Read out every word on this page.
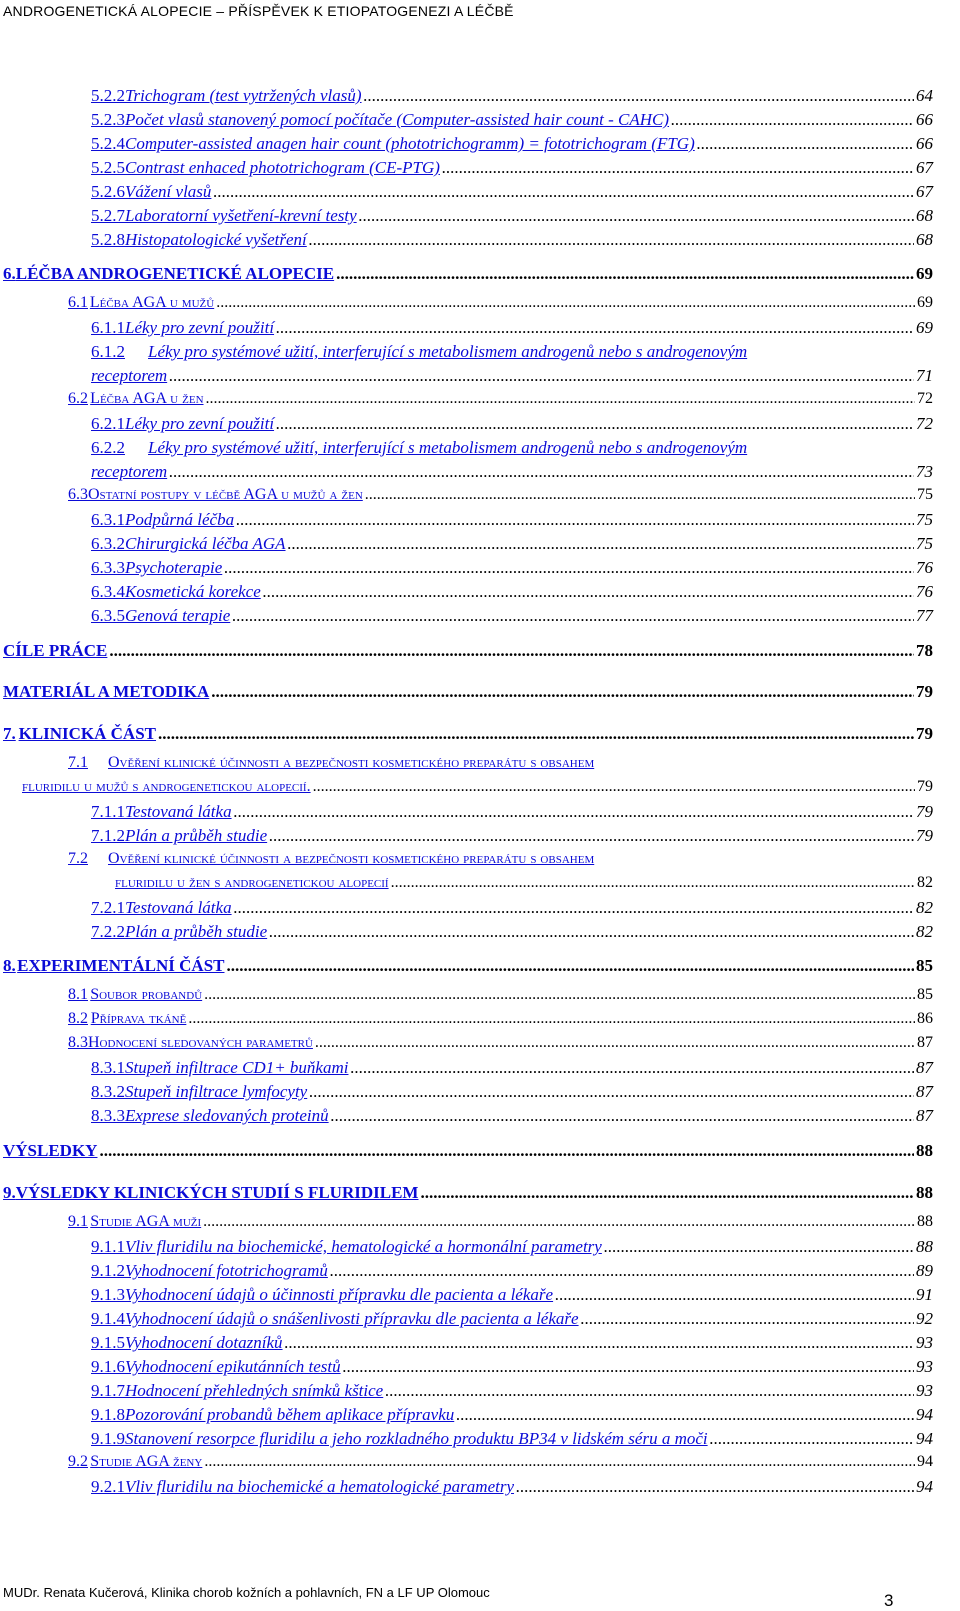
ANDROGENETICKÁ ALOPECIE – PŘÍSPĚVEK K ETIOPATOGENEZI A LÉČBĚ
5.2.2 Trichogram (test vytržených vlasů) .....	64
5.2.3 Počet vlasů stanovený pomocí počítače (Computer-assisted hair count - CAHC) .....	66
5.2.4 Computer-assisted anagen hair count (phototrichogramm) = fototrichogram (FTG) .....	66
5.2.5 Contrast enhaced phototrichogram (CE-PTG) .....	67
5.2.6 Vážení vlasů .....	67
5.2.7 Laboratorní vyšetření-krevní testy .....	68
5.2.8 Histopatologické vyšetření .....	68
6. LÉČBA ANDROGENETICKÉ ALOPECIE .....	69
6.1 Léčba AGA u mužů .....	69
6.1.1 Léky pro zevní použití .....	69
6.1.2	Léky pro systémové užití, interferující s metabolismem androgenů nebo s androgenovým
receptorem .....	71
6.2 Léčba AGA u žen .....	72
6.2.1 Léky pro zevní použití .....	72
6.2.2	Léky pro systémové užití, interferující s metabolismem androgenů nebo s androgenovým
receptorem .....	73
6.3 Ostatní postupy v léčbě AGA u mužů a žen .....	75
6.3.1 Podpůrná léčba .....	75
6.3.2 Chirurgická léčba AGA .....	75
6.3.3 Psychoterapie .....	76
6.3.4 Kosmetická korekce .....	76
6.3.5 Genová terapie .....	77
CÍLE PRÁCE .....	78
MATERIÁL A METODIKA .....	79
7. KLINICKÁ ČÁST .....	79
7.1	Ověření klinické účinnosti a bezpečnosti kosmetického preparátu s obsahem
fluridilu u mužů s androgenetickou alopecií. .....	79
7.1.1 Testovaná látka .....	79
7.1.2 Plán a průběh studie .....	79
7.2	Ověření klinické účinnosti a bezpečnosti kosmetického preparátu s obsahem
fluridilu u žen s androgenetickou alopecií .....	82
7.2.1 Testovaná látka .....	82
7.2.2 Plán a průběh studie .....	82
8. EXPERIMENTÁLNÍ ČÁST .....	85
8.1 Soubor probandů .....	85
8.2 Příprava tkáně .....	86
8.3 Hodnocení sledovaných parametrů .....	87
8.3.1 Stupeň infiltrace CD1+ buňkami .....	87
8.3.2 Stupeň infiltrace lymfocyty .....	87
8.3.3 Exprese sledovaných proteinů .....	87
VÝSLEDKY .....	88
9. VÝSLEDKY KLINICKÝCH STUDIÍ S FLURIDILEM .....	88
9.1 Studie AGA muži .....	88
9.1.1 Vliv fluridilu na biochemické, hematologické a hormonální parametry .....	88
9.1.2 Vyhodnocení fototrichogramů .....	89
9.1.3 Vyhodnocení údajů o účinnosti přípravku dle pacienta a lékaře .....	91
9.1.4 Vyhodnocení údajů o snášenlivosti přípravku dle pacienta a lékaře .....	92
9.1.5 Vyhodnocení dotazníků .....	93
9.1.6 Vyhodnocení epikutánních testů .....	93
9.1.7 Hodnocení přehledných snímků kštice .....	93
9.1.8 Pozorování probandů během aplikace přípravku .....	94
9.1.9 Stanovení resorpce fluridilu a jeho rozkladného produktu BP34 v lidském séru a moči .....	94
9.2 Studie AGA ženy .....	94
9.2.1 Vliv fluridilu na biochemické a hematologické parametry .....	94
MUDr. Renata Kučerová, Klinika chorob kožních a pohlavních, FN a LF UP Olomouc	3
